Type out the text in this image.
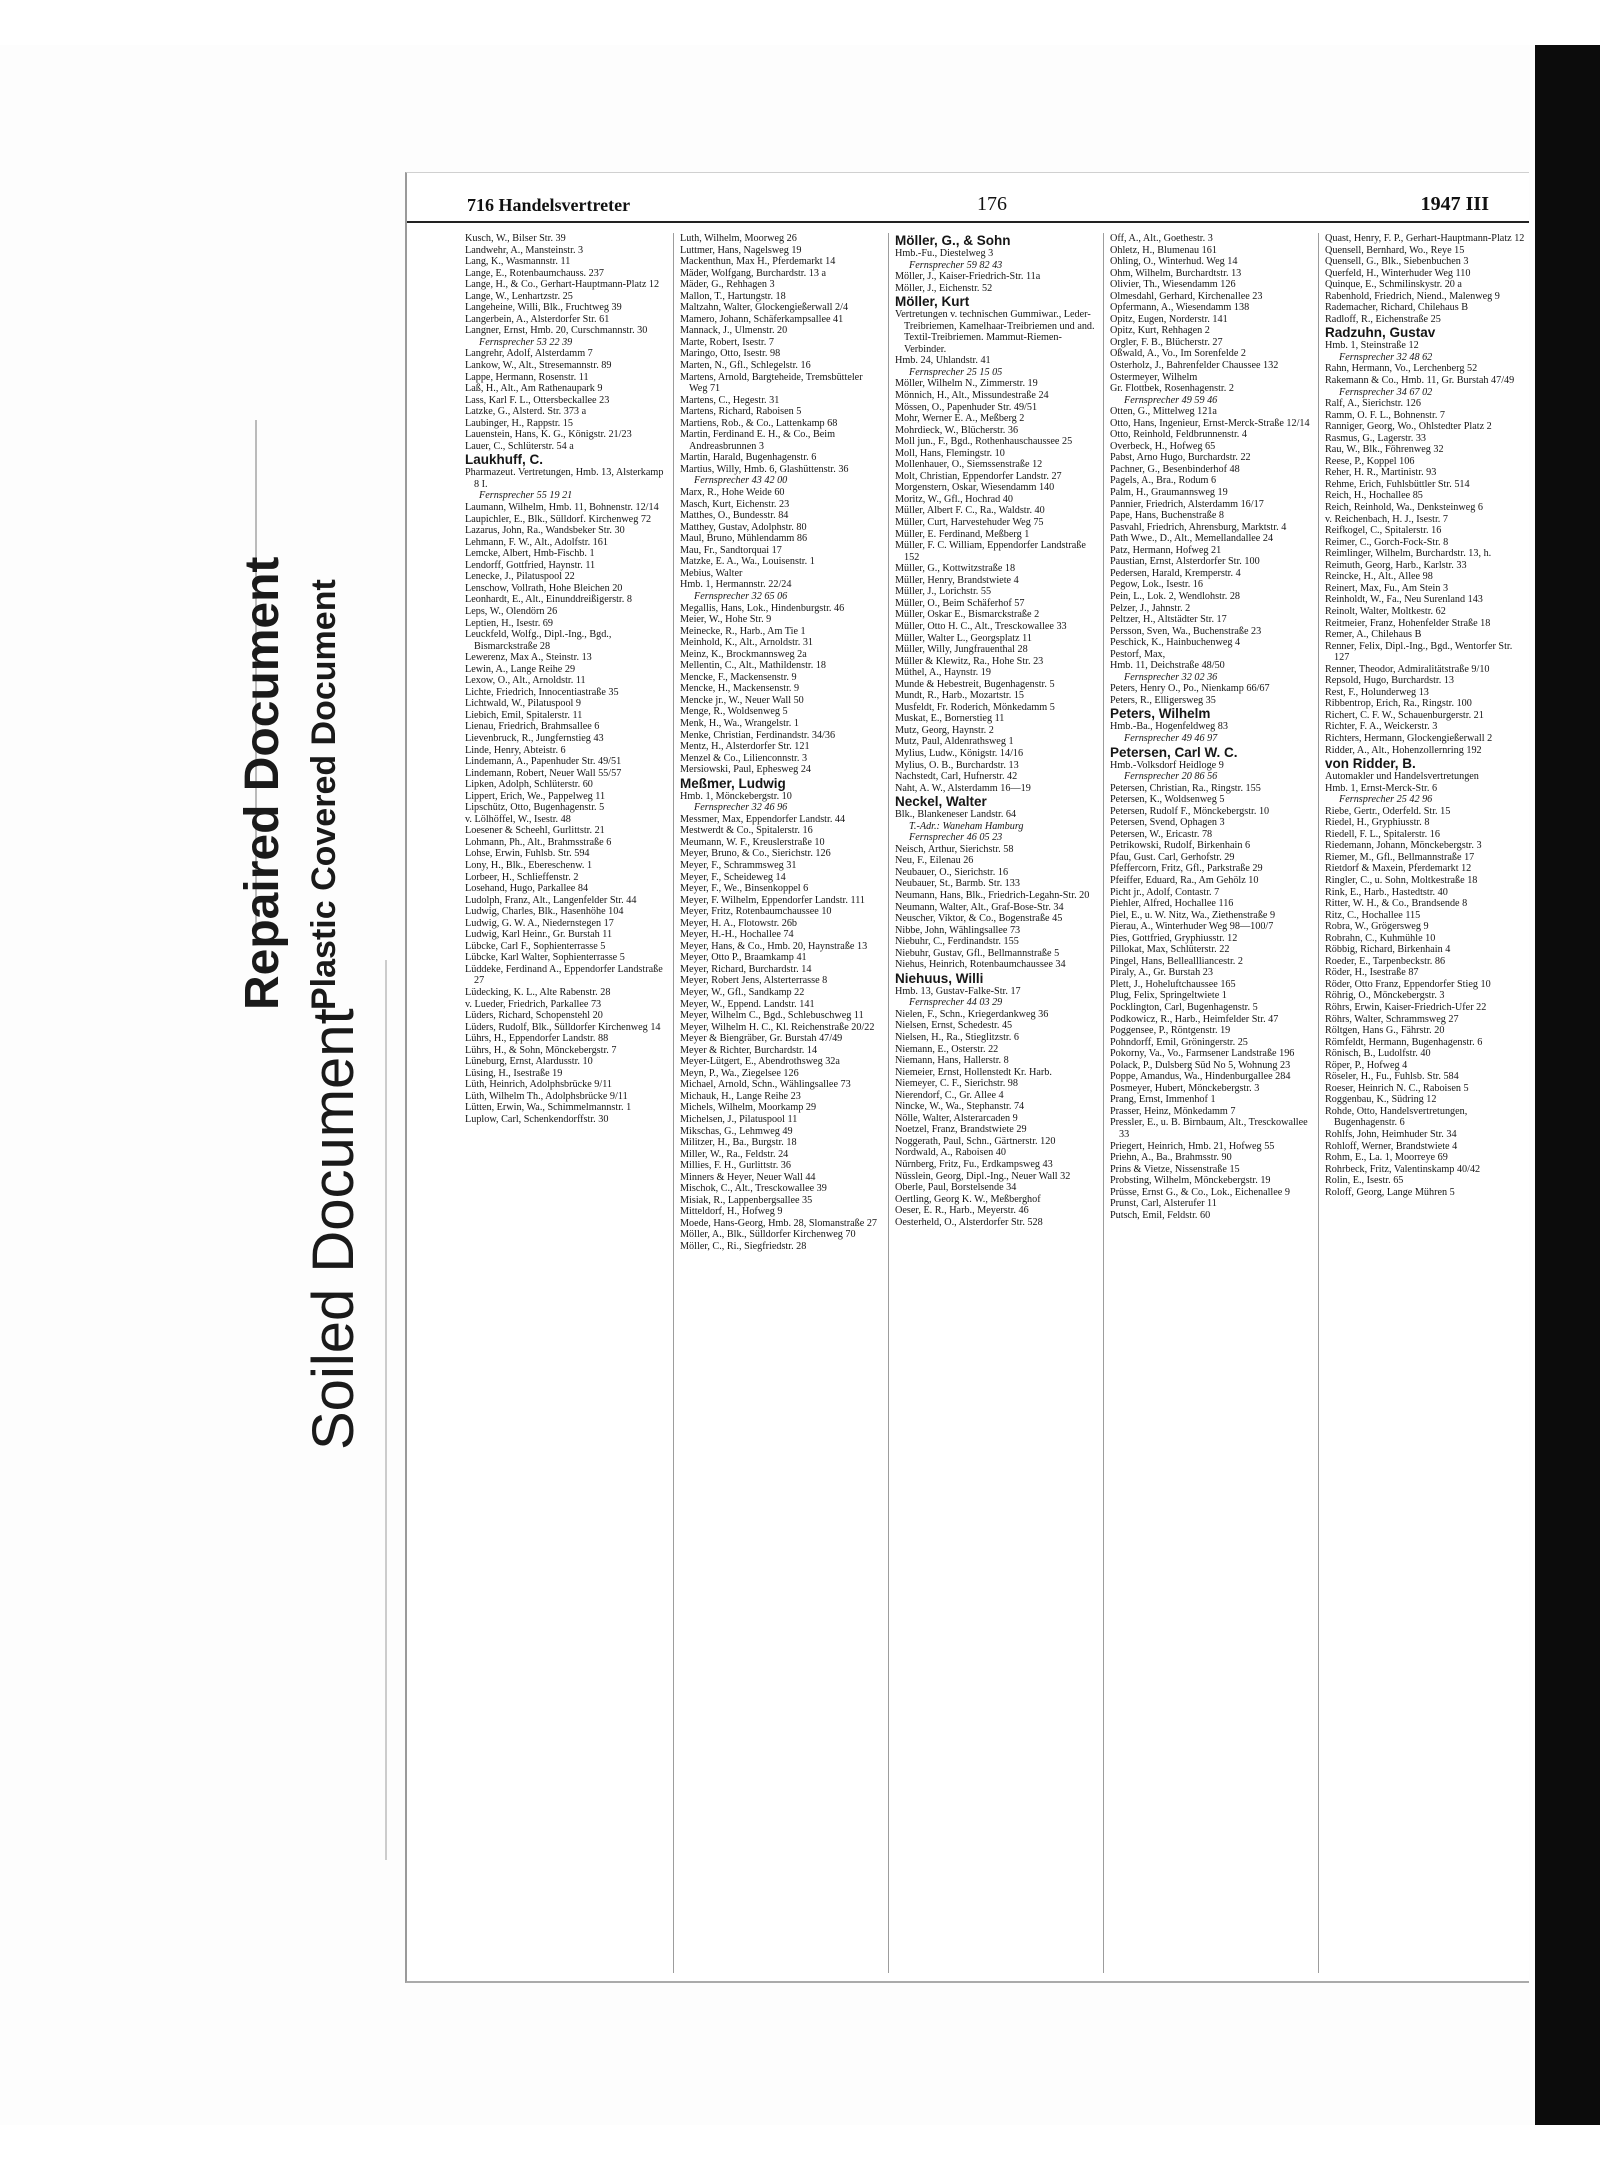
Repaired Document Plastic Covered Document
Soiled Document
716 Handelsvertreter	176	1947 III

Kusch, W., Bilser Str. 39

Landwehr, A., Mansteinstr. 3

Lang, K., Wasmannstr. 11

Lange, E., Rotenbaumchauss. 237

Lange, H., & Co., Gerhart-Hauptmann-Platz 12

Lange, W., Lenhartzstr. 25

Langeheine, Willi, Blk., Fruchtweg 39

Langerbein, A., Alsterdorfer Str. 61

Langner, Ernst, Hmb. 20, Curschmannstr. 30

Fernsprecher 53 22 39

Langrehr, Adolf, Alsterdamm 7

Lankow, W., Alt., Stresemannstr. 89

Lappe, Hermann, Rosenstr. 11

Laß, H., Alt., Am Rathenaupark 9

Lass, Karl F. L., Ottersbeckallee 23

Latzke, G., Alsterd. Str. 373 a

Laubinger, H., Rappstr. 15

Lauenstein, Hans, K. G., Königstr. 21/23

Lauer, C., Schlüterstr. 54 a

Laukhuff, C.

Pharmazeut. Vertretungen, Hmb. 13, Alsterkamp 8 I.

Fernsprecher 55 19 21

Laumann, Wilhelm, Hmb. 11, Bohnenstr. 12/14

Laupichler, E., Blk., Sülldorf. Kirchenweg 72

Lazarus, John, Ra., Wandsbeker Str. 30

Lehmann, F. W., Alt., Adolfstr. 161

Lemcke, Albert, Hmb-Fischb. 1

Lendorff, Gottfried, Haynstr. 11

Lenecke, J., Pilatuspool 22

Lenschow, Vollrath, Hohe Bleichen 20

Leonhardt, E., Alt., Einunddreißigerstr. 8

Leps, W., Olendörn 26

Leptien, H., Isestr. 69

Leuckfeld, Wolfg., Dipl.-Ing., Bgd., Bismarckstraße 28

Lewerenz, Max A., Steinstr. 13

Lewin, A., Lange Reihe 29

Lexow, O., Alt., Arnoldstr. 11

Lichte, Friedrich, Innocentiastraße 35

Lichtwald, W., Pilatuspool 9

Liebich, Emil, Spitalerstr. 11

Lienau, Friedrich, Brahmsallee 6

Lievenbruck, R., Jungfernstieg 43

Linde, Henry, Abteistr. 6

Lindemann, A., Papenhuder Str. 49/51

Lindemann, Robert, Neuer Wall 55/57

Lipken, Adolph, Schlüterstr. 60

Lippert, Erich, We., Pappelweg 11

Lipschütz, Otto, Bugenhagenstr. 5

v. Lölhöffel, W., Isestr. 48

Loesener & Scheehl, Gurlittstr. 21

Lohmann, Ph., Alt., Brahmsstraße 6

Lohse, Erwin, Fuhlsb. Str. 594

Lony, H., Blk., Ebereschenw. 1

Lorbeer, H., Schlieffenstr. 2

Losehand, Hugo, Parkallee 84

Ludolph, Franz, Alt., Langenfelder Str. 44

Ludwig, Charles, Blk., Hasenhöhe 104

Ludwig, G. W. A., Niedernstegen 17

Ludwig, Karl Heinr., Gr. Burstah 11

Lübcke, Carl F., Sophienterrasse 5

Lübcke, Karl Walter, Sophienterrasse 5

Lüddeke, Ferdinand A., Eppendorfer Landstraße 27

Lüdecking, K. L., Alte Rabenstr. 28

v. Lueder, Friedrich, Parkallee 73

Lüders, Richard, Schopenstehl 20

Lüders, Rudolf, Blk., Sülldorfer Kirchenweg 14

Lührs, H., Eppendorfer Landstr. 88

Lührs, H., & Sohn, Mönckebergstr. 7

Lüneburg, Ernst, Alardusstr. 10

Lüsing, H., Isestraße 19

Lüth, Heinrich, Adolphsbrücke 9/11

Lüth, Wilhelm Th., Adolphsbrücke 9/11

Lütten, Erwin, Wa., Schimmelmannstr. 1

Luplow, Carl, Schenkendorffstr. 30

Luth, Wilhelm, Moorweg 26

Luttmer, Hans, Nagelsweg 19

Mackenthun, Max H., Pferdemarkt 14

Mäder, Wolfgang, Burchardstr. 13 a

Mäder, G., Rehhagen 3

Mallon, T., Hartungstr. 18

Maltzahn, Walter, Glockengießerwall 2/4

Mamero, Johann, Schäferkampsallee 41

Mannack, J., Ulmenstr. 20

Marte, Robert, Isestr. 7

Maringo, Otto, Isestr. 98

Marten, N., Gfl., Schlegelstr. 16

Martens, Arnold, Bargteheide, Tremsbütteler Weg 71

Martens, C., Hegestr. 31

Martens, Richard, Raboisen 5

Martiens, Rob., & Co., Lattenkamp 68

Martin, Ferdinand E. H., & Co., Beim Andreasbrunnen 3

Martin, Harald, Bugenhagenstr. 6

Martius, Willy, Hmb. 6, Glashüttenstr. 36

Fernsprecher 43 42 00

Marx, R., Hohe Weide 60

Masch, Kurt, Eichenstr. 23

Matthes, O., Bundesstr. 84

Matthey, Gustav, Adolphstr. 80

Maul, Bruno, Mühlendamm 86

Mau, Fr., Sandtorquai 17

Matzke, E. A., Wa., Louisenstr. 1

Mebius, Walter

Hmb. 1, Hermannstr. 22/24

Fernsprecher 32 65 06

Megallis, Hans, Lok., Hindenburgstr. 46

Meier, W., Hohe Str. 9

Meinecke, R., Harb., Am Tie 1

Meinhold, K., Alt., Arnoldstr. 31

Meinz, K., Brockmannsweg 2a

Mellentin, C., Alt., Mathildenstr. 18

Mencke, F., Mackensenstr. 9

Mencke, H., Mackensenstr. 9

Mencke jr., W., Neuer Wall 50

Menge, R., Woldsenweg 5

Menk, H., Wa., Wrangelstr. 1

Menke, Christian, Ferdinandstr. 34/36

Mentz, H., Alsterdorfer Str. 121

Menzel & Co., Lilienconnstr. 3

Mersiowski, Paul, Ephesweg 24

Meßmer, Ludwig

Hmb. 1, Mönckebergstr. 10

Fernsprecher 32 46 96

Messmer, Max, Eppendorfer Landstr. 44

Mestwerdt & Co., Spitalerstr. 16

Meumann, W. F., Kreuslerstraße 10

Meyer, Bruno, & Co., Sierichstr. 126

Meyer, F., Schrammsweg 31

Meyer, F., Scheideweg 14

Meyer, F., We., Binsenkoppel 6

Meyer, F. Wilhelm, Eppendorfer Landstr. 111

Meyer, Fritz, Rotenbaumchaussee 10

Meyer, H. A., Flotowstr. 26b

Meyer, H.-H., Hochallee 74

Meyer, Hans, & Co., Hmb. 20, Haynstraße 13

Meyer, Otto P., Braamkamp 41

Meyer, Richard, Burchardstr. 14

Meyer, Robert Jens, Alsterterrasse 8

Meyer, W., Gfl., Sandkamp 22

Meyer, W., Eppend. Landstr. 141

Meyer, Wilhelm C., Bgd., Schlebuschweg 11

Meyer, Wilhelm H. C., Kl. Reichenstraße 20/22

Meyer & Biengräber, Gr. Burstah 47/49

Meyer & Richter, Burchardstr. 14

Meyer-Lütgert, E., Abendrothsweg 32a

Meyn, P., Wa., Ziegelsee 126

Michael, Arnold, Schn., Wählingsallee 73

Michauk, H., Lange Reihe 23

Michels, Wilhelm, Moorkamp 29

Michelsen, J., Pilatuspool 11

Mikschas, G., Lehmweg 49

Militzer, H., Ba., Burgstr. 18

Miller, W., Ra., Feldstr. 24

Millies, F. H., Gurlittstr. 36

Minners & Heyer, Neuer Wall 44

Mischok, C., Alt., Tresckowallee 39

Misiak, R., Lappenbergsallee 35

Mitteldorf, H., Hofweg 9

Moede, Hans-Georg, Hmb. 28, Slomanstraße 27

Möller, A., Blk., Sülldorfer Kirchenweg 70

Möller, C., Ri., Siegfriedstr. 28

Möller, G., & Sohn

Hmb.-Fu., Diestelweg 3

Fernsprecher 59 82 43

Möller, J., Kaiser-Friedrich-Str. 11a

Möller, J., Eichenstr. 52

Möller, Kurt

Vertretungen v. technischen Gummiwar., Leder-Treibriemen, Kamelhaar-Treibriemen und and. Textil-Treibriemen. Mammut-Riemen-Verbinder.

Hmb. 24, Uhlandstr. 41

Fernsprecher 25 15 05

Möller, Wilhelm N., Zimmerstr. 19

Mönnich, H., Alt., Missundestraße 24

Mössen, O., Papenhuder Str. 49/51

Mohr, Werner E. A., Meßberg 2

Mohrdieck, W., Blücherstr. 36

Moll jun., F., Bgd., Rothenhauschaussee 25

Moll, Hans, Flemingstr. 10

Mollenhauer, O., Siemssenstraße 12

Molt, Christian, Eppendorfer Landstr. 27

Morgenstern, Oskar, Wiesendamm 140

Moritz, W., Gfl., Hochrad 40

Müller, Albert F. C., Ra., Waldstr. 40

Müller, Curt, Harvestehuder Weg 75

Müller, E. Ferdinand, Meßberg 1

Müller, F. C. William, Eppendorfer Landstraße 152

Müller, G., Kottwitzstraße 18

Müller, Henry, Brandstwiete 4

Müller, J., Lorichstr. 55

Müller, O., Beim Schäferhof 57

Müller, Oskar E., Bismarckstraße 2

Müller, Otto H. C., Alt., Tresckowallee 33

Müller, Walter L., Georgsplatz 11

Müller, Willy, Jungfrauenthal 28

Müller & Klewitz, Ra., Hohe Str. 23

Müthel, A., Haynstr. 19

Munde & Hebestreit, Bugenhagenstr. 5

Mundt, R., Harb., Mozartstr. 15

Musfeldt, Fr. Roderich, Mönkedamm 5

Muskat, E., Bornerstieg 11

Mutz, Georg, Haynstr. 2

Mutz, Paul, Aldenrathsweg 1

Mylius, Ludw., Königstr. 14/16

Mylius, O. B., Burchardstr. 13

Nachstedt, Carl, Hufnerstr. 42

Naht, A. W., Alsterdamm 16—19

Neckel, Walter

Blk., Blankeneser Landstr. 64

T.-Adr.: Waneham Hamburg

Fernsprecher 46 05 23

Neisch, Arthur, Sierichstr. 58

Neu, F., Eilenau 26

Neubauer, O., Sierichstr. 16

Neubauer, St., Barmb. Str. 133

Neumann, Hans, Blk., Friedrich-Legahn-Str. 20

Neumann, Walter, Alt., Graf-Bose-Str. 34

Neuscher, Viktor, & Co., Bogenstraße 45

Nibbe, John, Wählingsallee 73

Niebuhr, C., Ferdinandstr. 155

Niebuhr, Gustav, Gfl., Bellmannstraße 5

Niehus, Heinrich, Rotenbaumchaussee 34

Niehuus, Willi

Hmb. 13, Gustav-Falke-Str. 17

Fernsprecher 44 03 29

Nielen, F., Schn., Kriegerdankweg 36

Nielsen, Ernst, Schedestr. 45

Nielsen, H., Ra., Stieglitzstr. 6

Niemann, E., Osterstr. 22

Niemann, Hans, Hallerstr. 8

Niemeier, Ernst, Hollenstedt Kr. Harb.

Niemeyer, C. F., Sierichstr. 98

Nierendorf, C., Gr. Allee 4

Nincke, W., Wa., Stephanstr. 74

Nölle, Walter, Alsterarcaden 9

Noetzel, Franz, Brandstwiete 29

Noggerath, Paul, Schn., Gärtnerstr. 120

Nordwald, A., Raboisen 40

Nürnberg, Fritz, Fu., Erdkampsweg 43

Nüsslein, Georg, Dipl.-Ing., Neuer Wall 32

Oberle, Paul, Borstelsende 34

Oertling, Georg K. W., Meßberghof

Oeser, E. R., Harb., Meyerstr. 46

Oesterheld, O., Alsterdorfer Str. 528

Off, A., Alt., Goethestr. 3

Ohletz, H., Blumenau 161

Ohling, O., Winterhud. Weg 14

Ohm, Wilhelm, Burchardtstr. 13

Olivier, Th., Wiesendamm 126

Olmesdahl, Gerhard, Kirchenallee 23

Opfermann, A., Wiesendamm 138

Opitz, Eugen, Norderstr. 141

Opitz, Kurt, Rehhagen 2

Orgler, F. B., Blücherstr. 27

Oßwald, A., Vo., Im Sorenfelde 2

Osterholz, J., Bahrenfelder Chaussee 132

Ostermeyer, Wilhelm

Gr. Flottbek, Rosenhagenstr. 2

Fernsprecher 49 59 46

Otten, G., Mittelweg 121a

Otto, Hans, Ingenieur, Ernst-Merck-Straße 12/14

Otto, Reinhold, Feldbrunnenstr. 4

Overbeck, H., Hofweg 65

Pabst, Arno Hugo, Burchardstr. 22

Pachner, G., Besenbinderhof 48

Pagels, A., Bra., Rodum 6

Palm, H., Graumannsweg 19

Pannier, Friedrich, Alsterdamm 16/17

Pape, Hans, Buchenstraße 8

Pasvahl, Friedrich, Ahrensburg, Marktstr. 4

Path Wwe., D., Alt., Memellandallee 24

Patz, Hermann, Hofweg 21

Paustian, Ernst, Alsterdorfer Str. 100

Pedersen, Harald, Kremperstr. 4

Pegow, Lok., Isestr. 16

Pein, L., Lok. 2, Wendlohstr. 28

Pelzer, J., Jahnstr. 2

Peltzer, H., Altstädter Str. 17

Persson, Sven, Wa., Buchenstraße 23

Peschick, K., Hainbuchenweg 4

Pestorf, Max,

Hmb. 11, Deichstraße 48/50

Fernsprecher 32 02 36

Peters, Henry O., Po., Nienkamp 66/67

Peters, R., Elligersweg 35

Peters, Wilhelm

Hmb.-Ba., Hogenfeldweg 83

Fernsprecher 49 46 97

Petersen, Carl W. C.

Hmb.-Volksdorf Heidloge 9

Fernsprecher 20 86 56

Petersen, Christian, Ra., Ringstr. 155

Petersen, K., Woldsenweg 5

Petersen, Rudolf F., Mönckebergstr. 10

Petersen, Svend, Ophagen 3

Petersen, W., Ericastr. 78

Petrikowski, Rudolf, Birkenhain 6

Pfau, Gust. Carl, Gerhofstr. 29

Pfeffercorn, Fritz, Gfl., Parkstraße 29

Pfeiffer, Eduard, Ra., Am Gehölz 10

Picht jr., Adolf, Contastr. 7

Piehler, Alfred, Hochallee 116

Piel, E., u. W. Nitz, Wa., Ziethenstraße 9

Pierau, A., Winterhuder Weg 98—100/7

Pies, Gottfried, Gryphiusstr. 12

Pillokat, Max, Schlüterstr. 22

Pingel, Hans, Belleallliancestr. 2

Piraly, A., Gr. Burstah 23

Plett, J., Hoheluftchaussee 165

Plug, Felix, Springeltwiete 1

Pocklington, Carl, Bugenhagenstr. 5

Podkowicz, R., Harb., Heimfelder Str. 47

Poggensee, P., Röntgenstr. 19

Pohndorff, Emil, Gröningerstr. 25

Pokorny, Va., Vo., Farmsener Landstraße 196

Polack, P., Dulsberg Süd No 5, Wohnung 23

Poppe, Amandus, Wa., Hindenburgallee 284

Posmeyer, Hubert, Mönckebergstr. 3

Prang, Ernst, Immenhof 1

Prasser, Heinz, Mönkedamm 7

Pressler, E., u. B. Birnbaum, Alt., Tresckowallee 33

Priegert, Heinrich, Hmb. 21, Hofweg 55

Priehn, A., Ba., Brahmsstr. 90

Prins & Vietze, Nissenstraße 15

Probsting, Wilhelm, Mönckebergstr. 19

Prüsse, Ernst G., & Co., Lok., Eichenallee 9

Prunst, Carl, Alsterufer 11

Putsch, Emil, Feldstr. 60

Quast, Henry, F. P., Gerhart-Hauptmann-Platz 12

Quensell, Bernhard, Wo., Reye 15

Quensell, G., Blk., Siebenbuchen 3

Querfeld, H., Winterhuder Weg 110

Quinque, E., Schmilinskystr. 20 a

Rabenhold, Friedrich, Niend., Malenweg 9

Rademacher, Richard, Chilehaus B

Radloff, R., Eichenstraße 25

Radzuhn, Gustav

Hmb. 1, Steinstraße 12

Fernsprecher 32 48 62

Rahn, Hermann, Vo., Lerchenberg 52

Rakemann & Co., Hmb. 11, Gr. Burstah 47/49

Fernsprecher 34 67 02

Ralf, A., Sierichstr. 126

Ramm, O. F. L., Bohnenstr. 7

Ranniger, Georg, Wo., Ohlstedter Platz 2

Rasmus, G., Lagerstr. 33

Rau, W., Blk., Föhrenweg 32

Reese, P., Koppel 106

Reher, H. R., Martinistr. 93

Rehme, Erich, Fuhlsbüttler Str. 514

Reich, H., Hochallee 85

Reich, Reinhold, Wa., Denksteinweg 6

v. Reichenbach, H. J., Isestr. 7

Reifkogel, C., Spitalerstr. 16

Reimer, C., Gorch-Fock-Str. 8

Reimlinger, Wilhelm, Burchardstr. 13, h.

Reimuth, Georg, Harb., Karlstr. 33

Reincke, H., Alt., Allee 98

Reinert, Max, Fu., Am Stein 3

Reinholdt, W., Fa., Neu Surenland 143

Reinolt, Walter, Moltkestr. 62

Reitmeier, Franz, Hohenfelder Straße 18

Remer, A., Chilehaus B

Renner, Felix, Dipl.-Ing., Bgd., Wentorfer Str. 127

Renner, Theodor, Admiralitätstraße 9/10

Repsold, Hugo, Burchardstr. 13

Rest, F., Holunderweg 13

Ribbentrop, Erich, Ra., Ringstr. 100

Richert, C. F. W., Schauenburgerstr. 21

Richter, F. A., Weickerstr. 3

Richters, Hermann, Glockengießerwall 2

Ridder, A., Alt., Hohenzollernring 192

von Ridder, B.

Automakler und Handelsvertretungen

Hmb. 1, Ernst-Merck-Str. 6

Fernsprecher 25 42 96

Riebe, Gertr., Oderfeld. Str. 15

Riedel, H., Gryphiusstr. 8

Riedell, F. L., Spitalerstr. 16

Riedemann, Johann, Mönckebergstr. 3

Riemer, M., Gfl., Bellmannstraße 17

Rietdorf & Maxein, Pferdemarkt 12

Ringler, C., u. Sohn, Moltkestraße 18

Rink, E., Harb., Hastedtstr. 40

Ritter, W. H., & Co., Brandsende 8

Ritz, C., Hochallee 115

Robra, W., Grögersweg 9

Robrahn, C., Kuhmühle 10

Röbbig, Richard, Birkenhain 4

Roeder, E., Tarpenbeckstr. 86

Röder, H., Isestraße 87

Röder, Otto Franz, Eppendorfer Stieg 10

Röhrig, O., Mönckebergstr. 3

Röhrs, Erwin, Kaiser-Friedrich-Ufer 22

Röhrs, Walter, Schrammsweg 27

Röltgen, Hans G., Fährstr. 20

Römfeldt, Hermann, Bugenhagenstr. 6

Rönisch, B., Ludolfstr. 40

Röper, P., Hofweg 4

Röseler, H., Fu., Fuhlsb. Str. 584

Roeser, Heinrich N. C., Raboisen 5

Roggenbau, K., Südring 12

Rohde, Otto, Handelsvertretungen, Bugenhagenstr. 6

Rohlfs, John, Heimhuder Str. 34

Rohloff, Werner, Brandstwiete 4

Rohm, E., La. 1, Moorreye 69

Rohrbeck, Fritz, Valentinskamp 40/42

Rolin, E., Isestr. 65

Roloff, Georg, Lange Mühren 5
